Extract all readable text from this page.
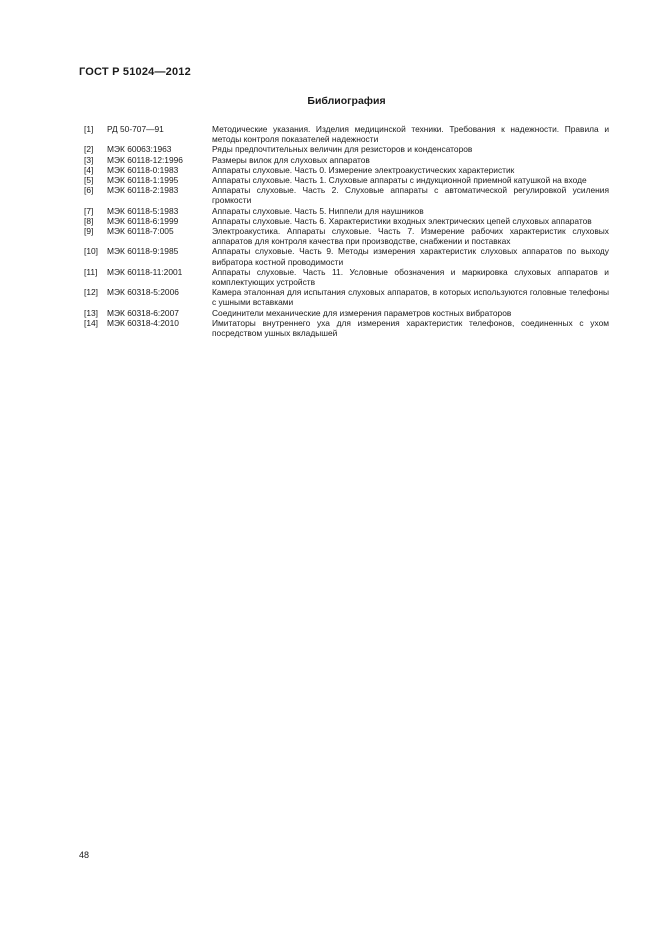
ГОСТ Р 51024—2012
Библиография
[1]	РД 50-707—91	Методические указания. Изделия медицинской техники. Требования к надежности. Правила и методы контроля показателей надежности
[2]	МЭК 60063:1963	Ряды предпочтительных величин для резисторов и конденсаторов
[3]	МЭК 60118-12:1996	Размеры вилок для слуховых аппаратов
[4]	МЭК 60118-0:1983	Аппараты слуховые. Часть 0. Измерение электроакустических характеристик
[5]	МЭК 60118-1:1995	Аппараты слуховые. Часть 1. Слуховые аппараты с индукционной приемной катушкой на входе
[6]	МЭК 60118-2:1983	Аппараты слуховые. Часть 2. Слуховые аппараты с автоматической регулировкой усиления громкости
[7]	МЭК 60118-5:1983	Аппараты слуховые. Часть 5. Ниппели для наушников
[8]	МЭК 60118-6:1999	Аппараты слуховые. Часть 6. Характеристики входных электрических цепей слуховых аппаратов
[9]	МЭК 60118-7:005	Электроакустика. Аппараты слуховые. Часть 7. Измерение рабочих характеристик слуховых аппаратов для контроля качества при производстве, снабжении и поставках
[10]	МЭК 60118-9:1985	Аппараты слуховые. Часть 9. Методы измерения характеристик слуховых аппаратов по выходу вибратора костной проводимости
[11]	МЭК 60118-11:2001	Аппараты слуховые. Часть 11. Условные обозначения и маркировка слуховых аппаратов и комплектующих устройств
[12]	МЭК 60318-5:2006	Камера эталонная для испытания слуховых аппаратов, в которых используются головные телефоны с ушными вставками
[13]	МЭК 60318-6:2007	Соединители механические для измерения параметров костных вибраторов
[14]	МЭК 60318-4:2010	Имитаторы внутреннего уха для измерения характеристик телефонов, соединенных с ухом посредством ушных вкладышей
48
